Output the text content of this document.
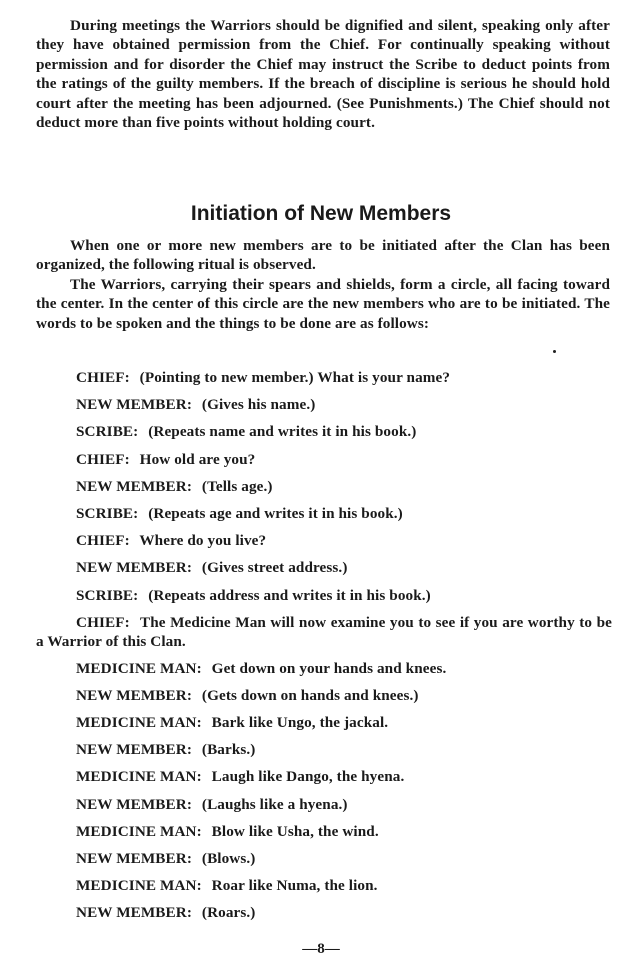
During meetings the Warriors should be dignified and silent, speaking only after they have obtained permission from the Chief. For continually speaking without permission and for disorder the Chief may instruct the Scribe to deduct points from the ratings of the guilty members. If the breach of discipline is serious he should hold court after the meeting has been adjourned. (See Punishments.) The Chief should not deduct more than five points without holding court.

Initiation of New Members

When one or more new members are to be initiated after the Clan has been organized, the following ritual is observed.

The Warriors, carrying their spears and shields, form a circle, all facing toward the center. In the center of this circle are the new members who are to be initiated. The words to be spoken and the things to be done are as follows:

CHIEF: (Pointing to new member.) What is your name?

NEW MEMBER: (Gives his name.)

SCRIBE: (Repeats name and writes it in his book.)

CHIEF: How old are you?

NEW MEMBER: (Tells age.)

SCRIBE: (Repeats age and writes it in his book.)

CHIEF: Where do you live?

NEW MEMBER: (Gives street address.)

SCRIBE: (Repeats address and writes it in his book.)

CHIEF: The Medicine Man will now examine you to see if you are worthy to be a Warrior of this Clan.

MEDICINE MAN: Get down on your hands and knees.

NEW MEMBER: (Gets down on hands and knees.)

MEDICINE MAN: Bark like Ungo, the jackal.

NEW MEMBER: (Barks.)

MEDICINE MAN: Laugh like Dango, the hyena.

NEW MEMBER: (Laughs like a hyena.)

MEDICINE MAN: Blow like Usha, the wind.

NEW MEMBER: (Blows.)

MEDICINE MAN: Roar like Numa, the lion.

NEW MEMBER: (Roars.)

—8—
